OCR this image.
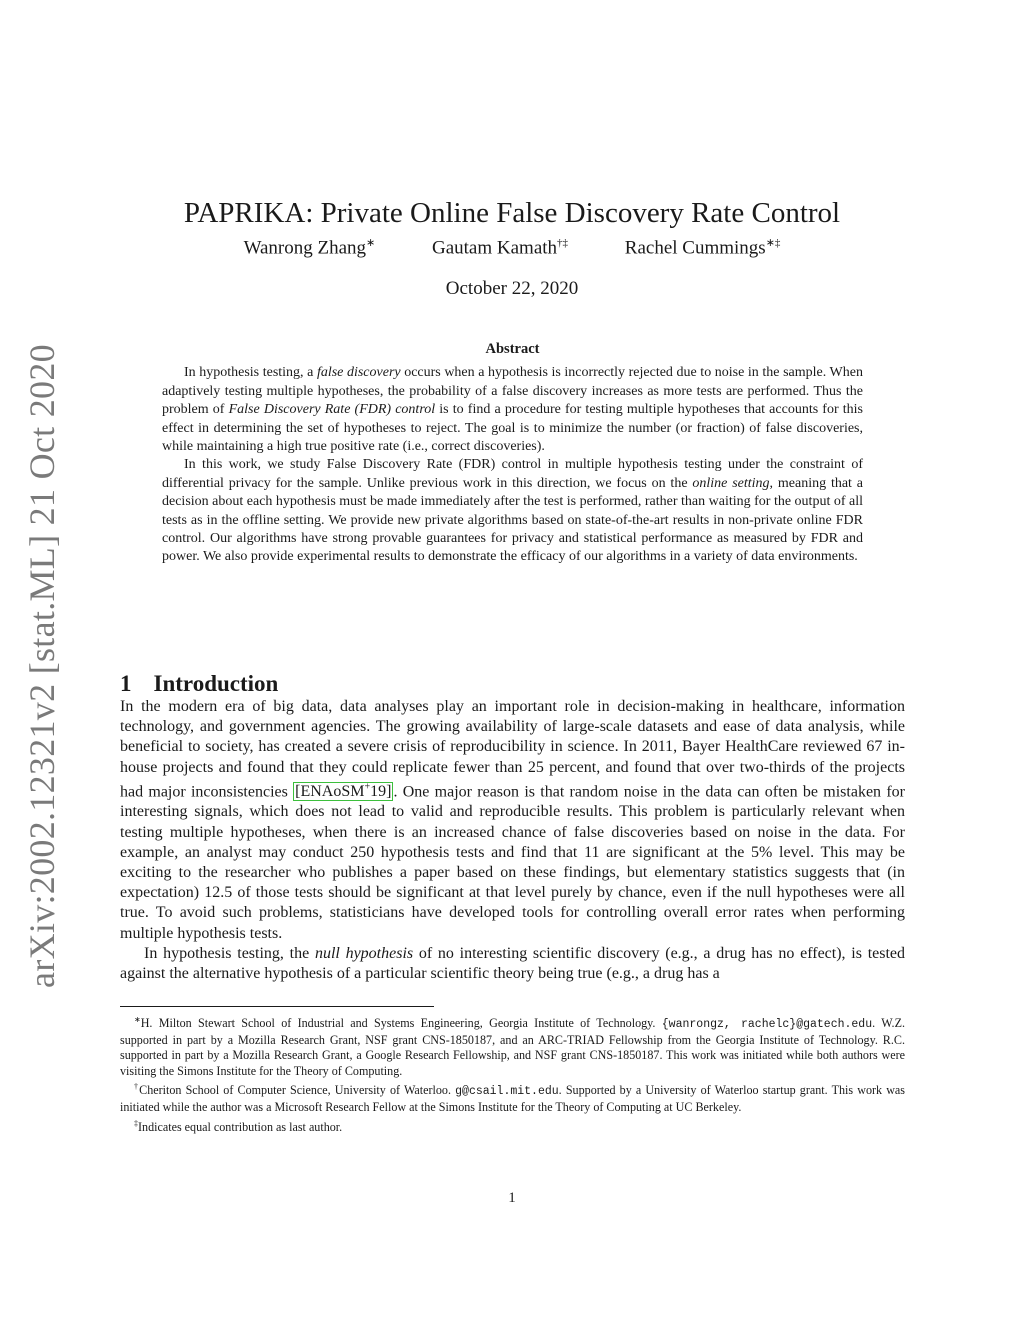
arXiv:2002.12321v2 [stat.ML] 21 Oct 2020
PAPRIKA: Private Online False Discovery Rate Control
Wanrong Zhang∗	Gautam Kamath†‡	Rachel Cummings∗‡
October 22, 2020
Abstract

In hypothesis testing, a false discovery occurs when a hypothesis is incorrectly rejected due to noise in the sample. When adaptively testing multiple hypotheses, the probability of a false discovery increases as more tests are performed. Thus the problem of False Discovery Rate (FDR) control is to find a procedure for testing multiple hypotheses that accounts for this effect in determining the set of hypotheses to reject. The goal is to minimize the number (or fraction) of false discoveries, while maintaining a high true positive rate (i.e., correct discoveries).

In this work, we study False Discovery Rate (FDR) control in multiple hypothesis testing under the constraint of differential privacy for the sample. Unlike previous work in this direction, we focus on the online setting, meaning that a decision about each hypothesis must be made immediately after the test is performed, rather than waiting for the output of all tests as in the offline setting. We provide new private algorithms based on state-of-the-art results in non-private online FDR control. Our algorithms have strong provable guarantees for privacy and statistical performance as measured by FDR and power. We also provide experimental results to demonstrate the efficacy of our algorithms in a variety of data environments.

1 Introduction

In the modern era of big data, data analyses play an important role in decision-making in healthcare, information technology, and government agencies. The growing availability of large-scale datasets and ease of data analysis, while beneficial to society, has created a severe crisis of reproducibility in science. In 2011, Bayer HealthCare reviewed 67 in-house projects and found that they could replicate fewer than 25 percent, and found that over two-thirds of the projects had major inconsistencies [ENAoSM+19] . One major reason is that random noise in the data can often be mistaken for interesting signals, which does not lead to valid and reproducible results. This problem is particularly relevant when testing multiple hypotheses, when there is an increased chance of false discoveries based on noise in the data. For example, an analyst may conduct 250 hypothesis tests and find that 11 are significant at the 5% level. This may be exciting to the researcher who publishes a paper based on these findings, but elementary statistics suggests that (in expectation) 12.5 of those tests should be significant at that level purely by chance, even if the null hypotheses were all true. To avoid such problems, statisticians have developed tools for controlling overall error rates when performing multiple hypothesis tests.

In hypothesis testing, the null hypothesis of no interesting scientific discovery (e.g., a drug has no effect), is tested against the alternative hypothesis of a particular scientific theory being true (e.g., a drug has a

∗H. Milton Stewart School of Industrial and Systems Engineering, Georgia Institute of Technology. {wanrongz, rachelc}@gatech.edu. W.Z. supported in part by a Mozilla Research Grant, NSF grant CNS-1850187, and an ARC-TRIAD Fellowship from the Georgia Institute of Technology. R.C. supported in part by a Mozilla Research Grant, a Google Research Fellowship, and NSF grant CNS-1850187. This work was initiated while both authors were visiting the Simons Institute for the Theory of Computing.

†Cheriton School of Computer Science, University of Waterloo. g@csail.mit.edu. Supported by a University of Waterloo startup grant. This work was initiated while the author was a Microsoft Research Fellow at the Simons Institute for the Theory of Computing at UC Berkeley.

‡Indicates equal contribution as last author.

1
